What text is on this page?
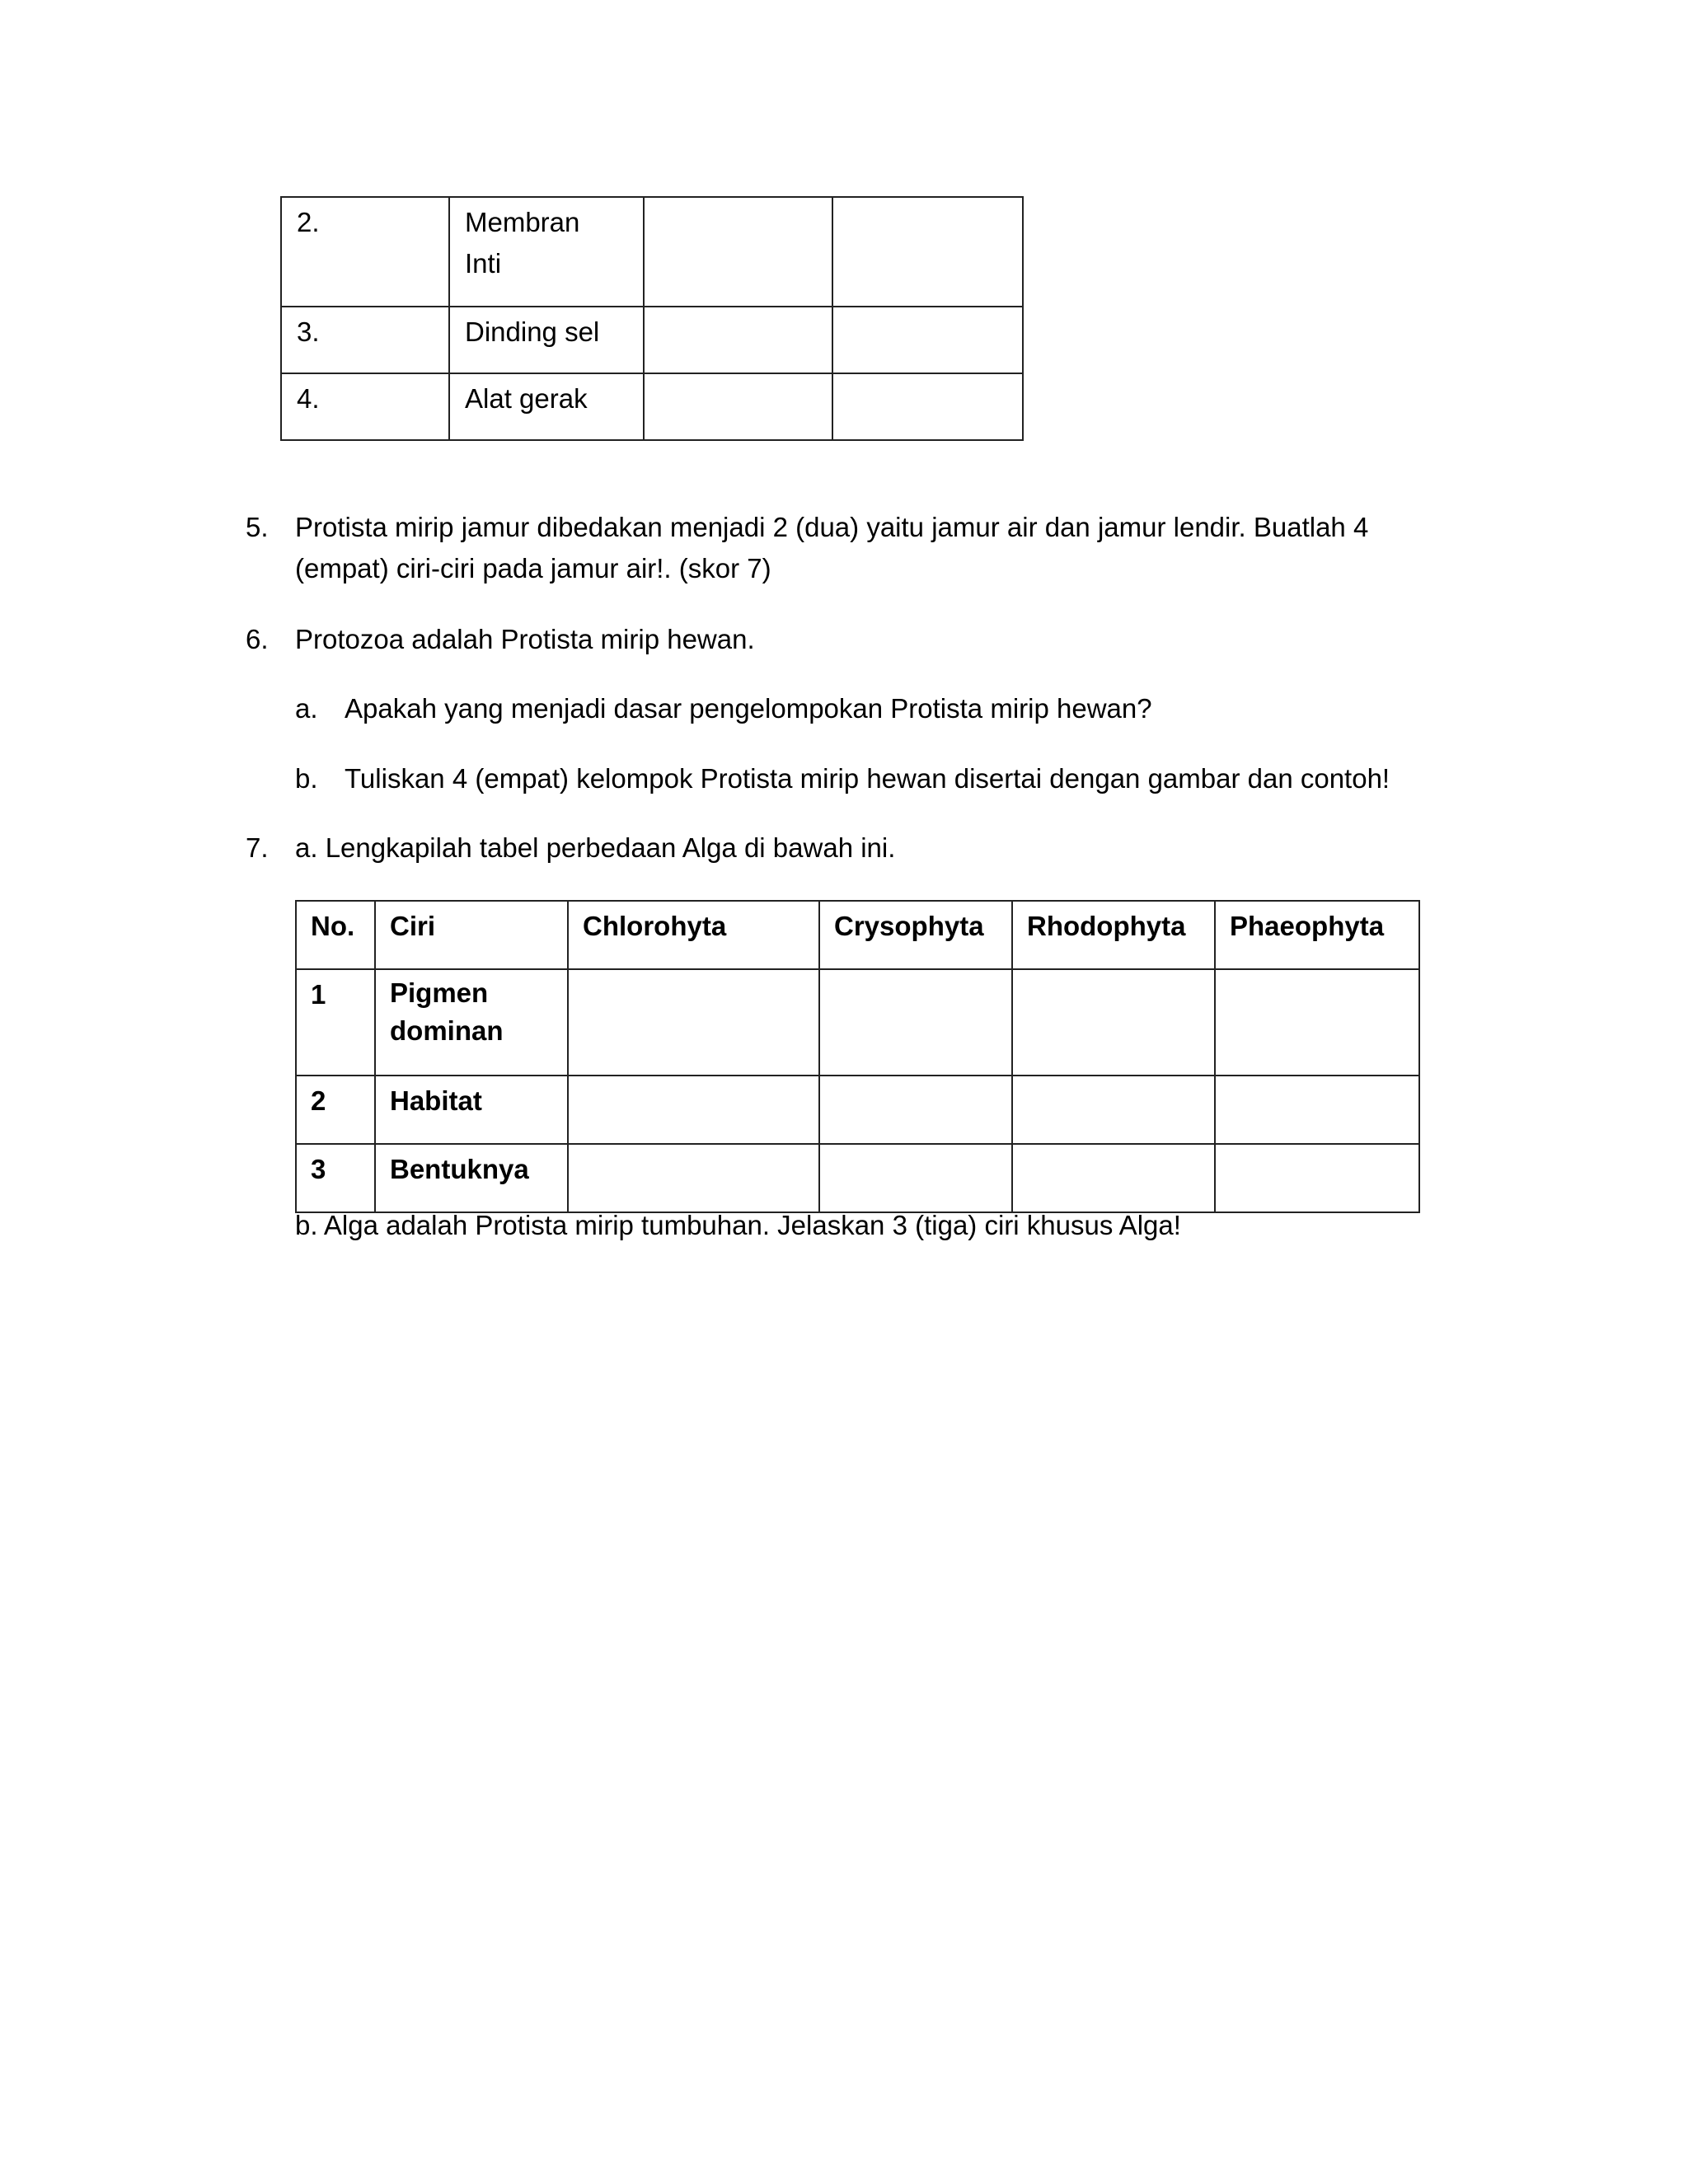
2.	Membran Inti		

3.	Dinding sel		
4.	Alat gerak		
5. Protista mirip jamur dibedakan menjadi 2 (dua) yaitu jamur air dan jamur lendir. Buatlah 4
(empat) ciri-ciri pada jamur air!. (skor 7)
6. Protozoa adalah Protista mirip hewan.
a. Apakah yang menjadi dasar pengelompokan Protista mirip hewan?
b. Tuliskan 4 (empat) kelompok Protista mirip hewan disertai dengan gambar dan contoh!
7. a. Lengkapilah tabel perbedaan Alga di bawah ini.
No.	Ciri	Chlorohyta	Crysophyta	Rhodophyta	Phaeophyta
1	Pigmen dominan				

2	Habitat				
3	Bentuknya				
b. Alga adalah Protista mirip tumbuhan. Jelaskan 3 (tiga) ciri khusus Alga!
